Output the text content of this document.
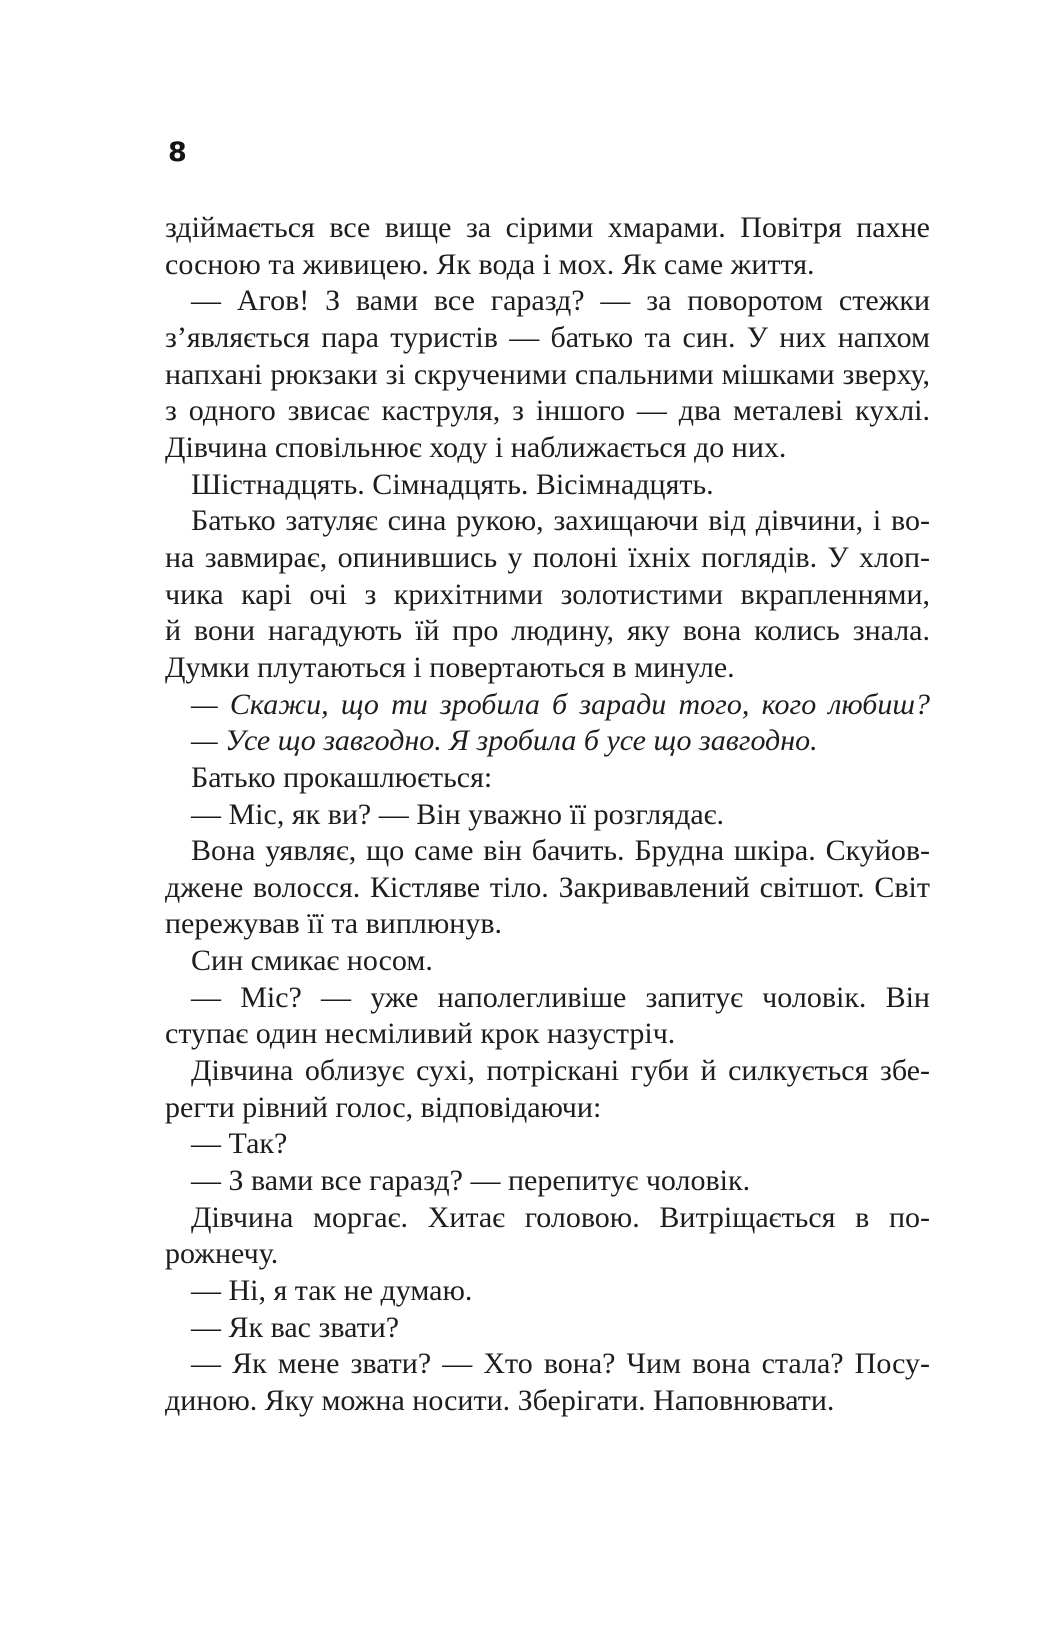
8
здіймається все вище за сірими хмарами. Повітря пахне
сосною та живицею. Як вода і мох. Як саме життя.
— Агов! З вами все гаразд? — за поворотом стежки
з’являється пара туристів — батько та син. У них напхом
напхані рюкзаки зі скрученими спальними мішками зверху,
з одного звисає каструля, з іншого — два металеві кухлі.
Дівчина сповільнює ходу і наближається до них.
Шістнадцять. Сімнадцять. Вісімнадцять.
Батько затуляє сина рукою, захищаючи від дівчини, і во-
на завмирає, опинившись у полоні їхніх поглядів. У хлоп-
чика карі очі з крихітними золотистими вкрапленнями,
й вони нагадують їй про людину, яку вона колись знала.
Думки плутаються і повертаються в минуле.
— Скажи, що ти зробила б заради того, кого любиш?
— Усе що завгодно. Я зробила б усе що завгодно.
Батько прокашлюється:
— Міс, як ви? — Він уважно її розглядає.
Вона уявляє, що саме він бачить. Брудна шкіра. Скуйов-
джене волосся. Кістляве тіло. Закривавлений світшот. Світ
пережував її та виплюнув.
Син смикає носом.
— Міс? — уже наполегливіше запитує чоловік. Він
ступає один несміливий крок назустріч.
Дівчина облизує сухі, потріскані губи й силкується збе-
регти рівний голос, відповідаючи:
— Так?
— З вами все гаразд? — перепитує чоловік.
Дівчина моргає. Хитає головою. Витріщається в по-
рожнечу.
— Ні, я так не думаю.
— Як вас звати?
— Як мене звати? — Хто вона? Чим вона стала? Посу-
диною. Яку можна носити. Зберігати. Наповнювати.
